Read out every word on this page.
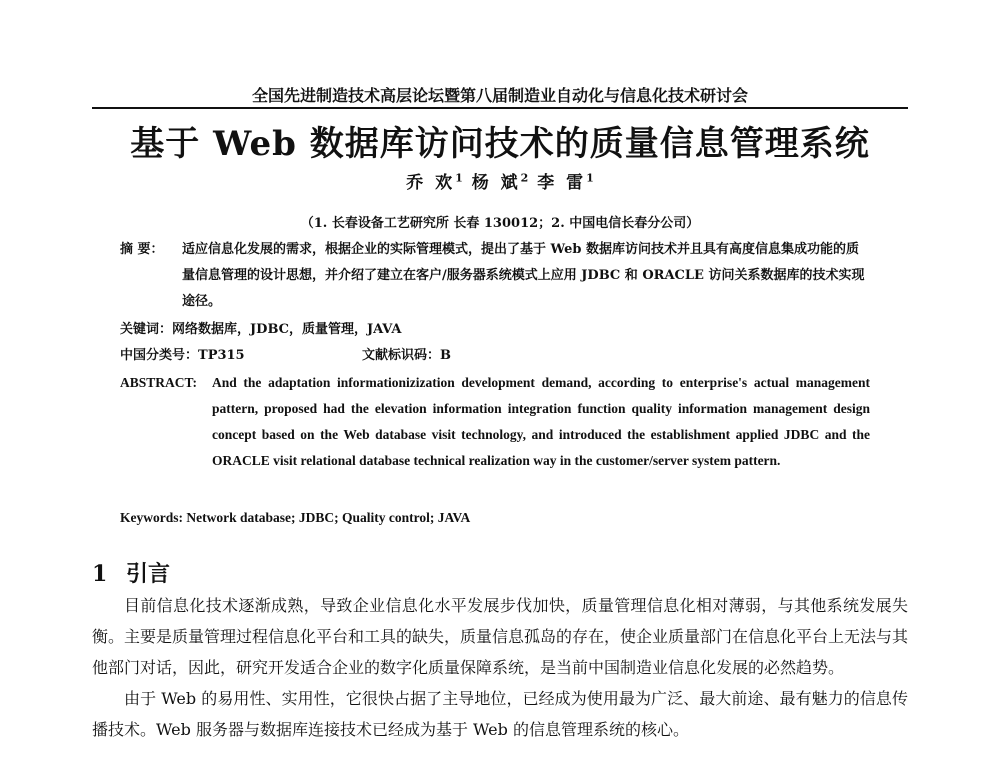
全国先进制造技术高层论坛暨第八届制造业自动化与信息化技术研讨会
基于 Web 数据库访问技术的质量信息管理系统
乔 欢$^1$ 杨 斌$^2$ 李 雷$^1$
（1. 长春设备工艺研究所 长春 130012；2. 中国电信长春分公司）
摘 要： 适应信息化发展的需求，根据企业的实际管理模式，提出了基于 Web 数据库访问技术并且具有高度信息集成功能的质量信息管理的设计思想，并介绍了建立在客户/服务器系统模式上应用 JDBC 和 ORACLE 访问关系数据库的技术实现途径。
关键词：网络数据库，JDBC，质量管理，JAVA
中国分类号：TP315	文献标识码：B
ABSTRACT: And the adaptation informationizization development demand, according to enterprise's actual management pattern, proposed had the elevation information integration function quality information management design concept based on the Web database visit technology, and introduced the establishment applied JDBC and the ORACLE visit relational database technical realization way in the customer/server system pattern.
Keywords: Network database; JDBC; Quality control; JAVA
1 引言

目前信息化技术逐渐成熟，导致企业信息化水平发展步伐加快，质量管理信息化相对薄弱，与其他系统发展失衡。主要是质量管理过程信息化平台和工具的缺失，质量信息孤岛的存在，使企业质量部门在信息化平台上无法与其他部门对话，因此，研究开发适合企业的数字化质量保障系统，是当前中国制造业信息化发展的必然趋势。

由于 Web 的易用性、实用性，它很快占据了主导地位，已经成为使用最为广泛、最大前途、最有魅力的信息传播技术。Web 服务器与数据库连接技术已经成为基于 Web 的信息管理系统的核心。
